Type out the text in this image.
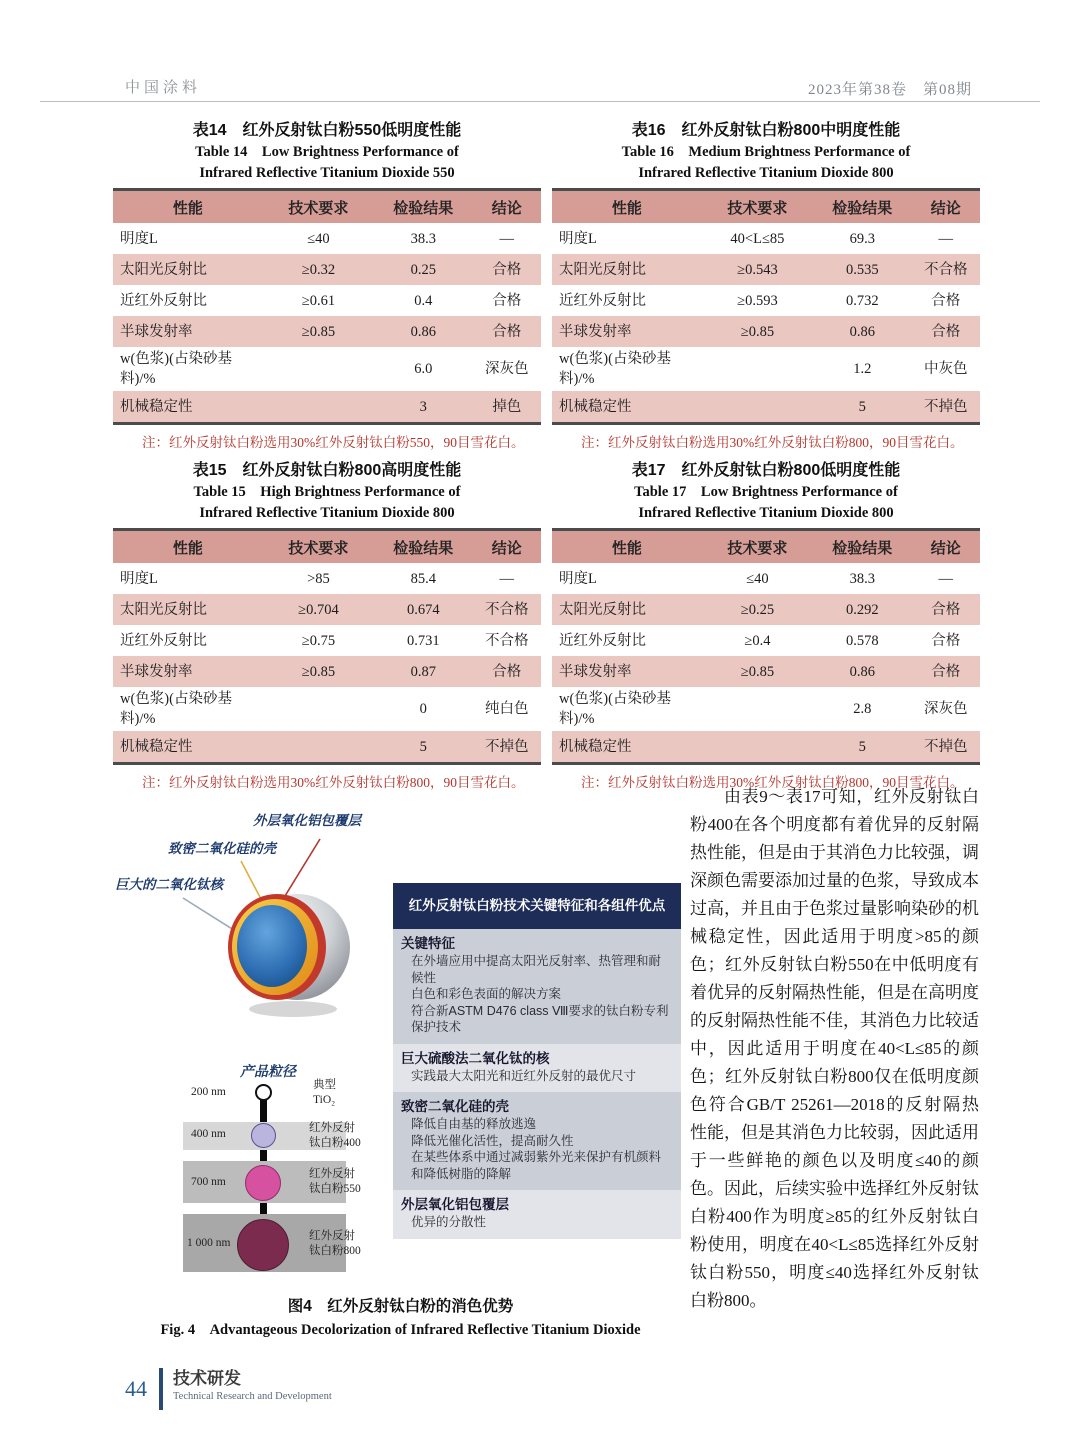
中国涂料	2023年第38卷　第08期
表14　红外反射钛白粉550低明度性能
Table 14  Low Brightness Performance of
Infrared Reflective Titanium Dioxide 550
性能	技术要求	检验结果	结论
明度L	≤40	38.3	—
太阳光反射比	≥0.32	0.25	合格
近红外反射比	≥0.61	0.4	合格
半球发射率	≥0.85	0.86	合格
w(色浆)(占染砂基料)/%		6.0	深灰色
机械稳定性		3	掉色
注：红外反射钛白粉选用30%红外反射钛白粉550，90目雪花白。
表16　红外反射钛白粉800中明度性能
Table 16  Medium Brightness Performance of
Infrared Reflective Titanium Dioxide 800
性能	技术要求	检验结果	结论
明度L	40<L≤85	69.3	—
太阳光反射比	≥0.543	0.535	不合格
近红外反射比	≥0.593	0.732	合格
半球发射率	≥0.85	0.86	合格
w(色浆)(占染砂基料)/%		1.2	中灰色
机械稳定性		5	不掉色
注：红外反射钛白粉选用30%红外反射钛白粉800，90目雪花白。
表15　红外反射钛白粉800高明度性能
Table 15  High Brightness Performance of
Infrared Reflective Titanium Dioxide 800
性能	技术要求	检验结果	结论
明度L	>85	85.4	—
太阳光反射比	≥0.704	0.674	不合格
近红外反射比	≥0.75	0.731	不合格
半球发射率	≥0.85	0.87	合格
w(色浆)(占染砂基料)/%		0	纯白色
机械稳定性		5	不掉色
注：红外反射钛白粉选用30%红外反射钛白粉800，90目雪花白。
表17　红外反射钛白粉800低明度性能
Table 17  Low Brightness Performance of
Infrared Reflective Titanium Dioxide 800
性能	技术要求	检验结果	结论
明度L	≤40	38.3	—
太阳光反射比	≥0.25	0.292	合格
近红外反射比	≥0.4	0.578	合格
半球发射率	≥0.85	0.86	合格
w(色浆)(占染砂基料)/%		2.8	深灰色
机械稳定性		5	不掉色
注：红外反射钛白粉选用30%红外反射钛白粉800，90目雪花白。
外层氧化铝包覆层
致密二氧化硅的壳
巨大的二氧化钛核
产品粒径
200 nm
400 nm
700 nm
1 000 nm
典型
TiO₂
红外反射
钛白粉400
红外反射
钛白粉550
红外反射
钛白粉800
红外反射钛白粉技术关键特征和各组件优点
关键特征
在外墙应用中提高太阳光反射率、热管理和耐候性
白色和彩色表面的解决方案
符合新ASTM D476 class Ⅷ要求的钛白粉专利保护技术
巨大硫酸法二氧化钛的核
实践最大太阳光和近红外反射的最优尺寸
致密二氧化硅的壳
降低自由基的释放逃逸
降低光催化活性，提高耐久性
在某些体系中通过减弱紫外光来保护有机颜料和降低树脂的降解
外层氧化铝包覆层
优异的分散性
图4　红外反射钛白粉的消色优势
Fig. 4  Advantageous Decolorization of Infrared Reflective Titanium Dioxide
由表9～表17可知，红外反射钛白粉400在各个明度都有着优异的反射隔热性能，但是由于其消色力比较强，调深颜色需要添加过量的色浆，导致成本过高，并且由于色浆过量影响染砂的机械稳定性，因此适用于明度>85的颜色；红外反射钛白粉550在中低明度有着优异的反射隔热性能，但是在高明度的反射隔热性能不佳，其消色力比较适中，因此适用于明度在40<L≤85的颜色；红外反射钛白粉800仅在低明度颜色符合GB/T 25261—2018的反射隔热性能，但是其消色力比较弱，因此适用于一些鲜艳的颜色以及明度≤40的颜色。因此，后续实验中选择红外反射钛白粉400作为明度≥85的红外反射钛白粉使用，明度在40<L≤85选择红外反射钛白粉550，明度≤40选择红外反射钛白粉800。
44 技术研发
Technical Research and Development
